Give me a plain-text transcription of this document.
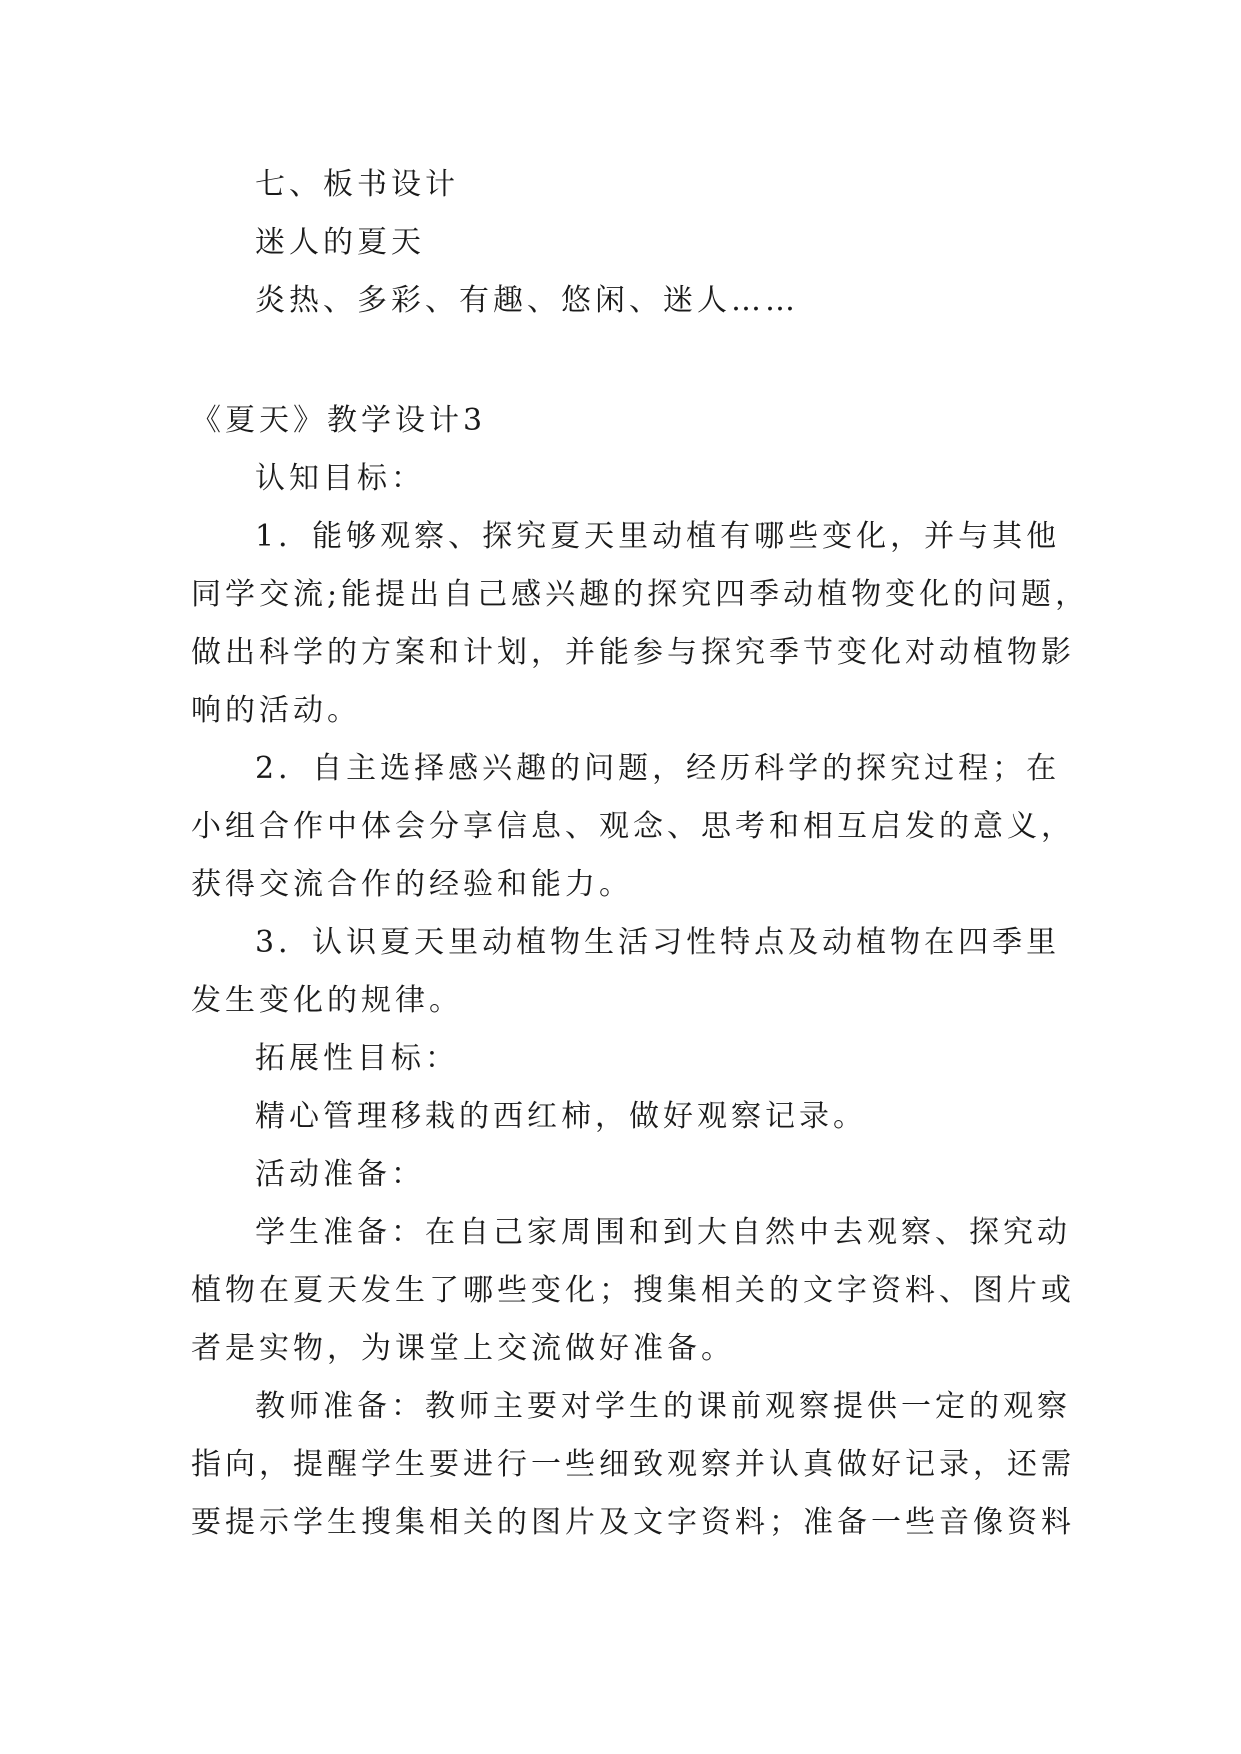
七、板书设计

迷人的夏天

炎热、多彩、有趣、悠闲、迷人……

《夏天》教学设计3

认知目标：

1．能够观察、探究夏天里动植有哪些变化，并与其他

同学交流;能提出自己感兴趣的探究四季动植物变化的问题，

做出科学的方案和计划，并能参与探究季节变化对动植物影

响的活动。

2．自主选择感兴趣的问题，经历科学的探究过程；在

小组合作中体会分享信息、观念、思考和相互启发的意义，

获得交流合作的经验和能力。

3．认识夏天里动植物生活习性特点及动植物在四季里

发生变化的规律。

拓展性目标：

精心管理移栽的西红柿，做好观察记录。

活动准备：

学生准备：在自己家周围和到大自然中去观察、探究动

植物在夏天发生了哪些变化；搜集相关的文字资料、图片或

者是实物，为课堂上交流做好准备。

教师准备：教师主要对学生的课前观察提供一定的观察

指向，提醒学生要进行一些细致观察并认真做好记录，还需

要提示学生搜集相关的图片及文字资料；准备一些音像资料
